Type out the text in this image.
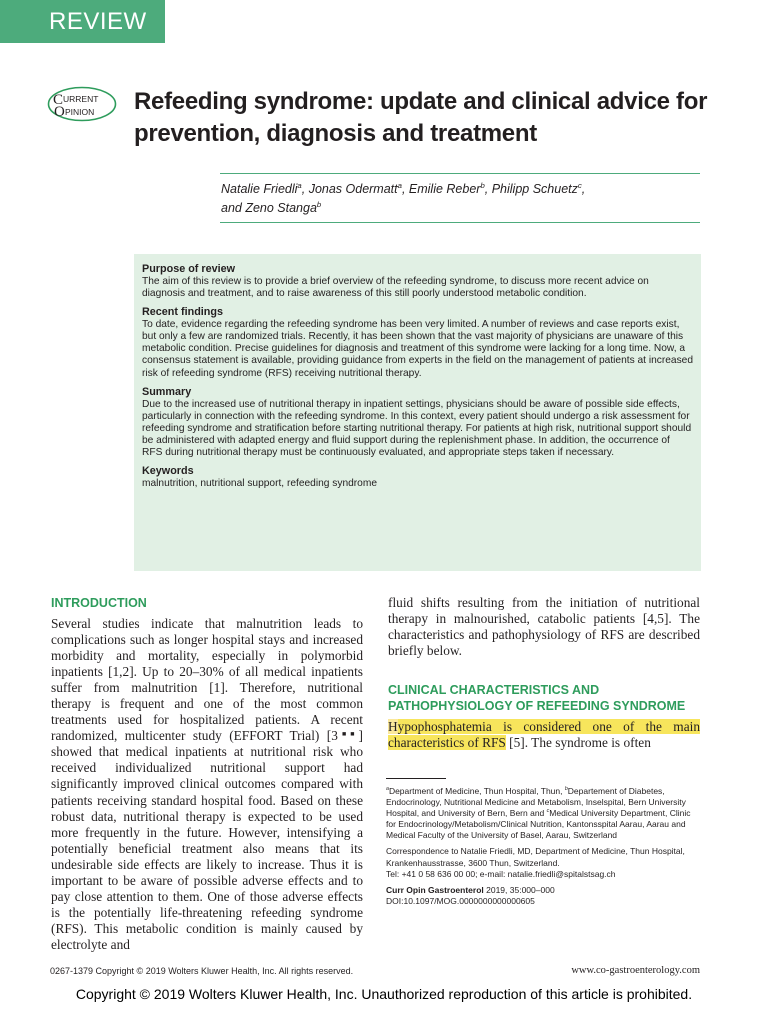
REVIEW
C URRENT
O PINION Refeeding syndrome: update and clinical advice for prevention, diagnosis and treatment
Natalie Friedli$^a$, Jonas Odermatt$^a$, Emilie Reber$^b$, Philipp Schuetz$^c$,
and Zeno Stanga$^b$

Purpose of review

The aim of this review is to provide a brief overview of the refeeding syndrome, to discuss more recent advice on diagnosis and treatment, and to raise awareness of this still poorly understood metabolic condition.

Recent findings

To date, evidence regarding the refeeding syndrome has been very limited. A number of reviews and case reports exist, but only a few are randomized trials. Recently, it has been shown that the vast majority of physicians are unaware of this metabolic condition. Precise guidelines for diagnosis and treatment of this syndrome were lacking for a long time. Now, a consensus statement is available, providing guidance from experts in the field on the management of patients at increased risk of refeeding syndrome (RFS) receiving nutritional therapy.

Summary

Due to the increased use of nutritional therapy in inpatient settings, physicians should be aware of possible side effects, particularly in connection with the refeeding syndrome. In this context, every patient should undergo a risk assessment for refeeding syndrome and stratification before starting nutritional therapy. For patients at high risk, nutritional support should be administered with adapted energy and fluid support during the replenishment phase. In addition, the occurrence of RFS during nutritional therapy must be continuously evaluated, and appropriate steps taken if necessary.

Keywords

malnutrition, nutritional support, refeeding syndrome

INTRODUCTION

Several studies indicate that malnutrition leads to complications such as longer hospital stays and increased morbidity and mortality, especially in polymorbid inpatients [1,2]. Up to 20–30% of all medical inpatients suffer from malnutrition [1]. Therefore, nutritional therapy is frequent and one of the most common treatments used for hospitalized patients. A recent randomized, multicenter study (EFFORT Trial) [3■■] showed that medical inpatients at nutritional risk who received individualized nutritional support had significantly improved clinical outcomes compared with patients receiving standard hospital food. Based on these robust data, nutritional therapy is expected to be used more frequently in the future. However, intensifying a potentially beneficial treatment also means that its undesirable side effects are likely to increase. Thus it is important to be aware of possible adverse effects and to pay close attention to them. One of those adverse effects is the potentially life-threatening refeeding syndrome (RFS). This metabolic condition is mainly caused by electrolyte and

fluid shifts resulting from the initiation of nutritional therapy in malnourished, catabolic patients [4,5]. The characteristics and pathophysiology of RFS are described briefly below.

CLINICAL CHARACTERISTICS AND PATHOPHYSIOLOGY OF REFEEDING SYNDROME

Hypophosphatemia is considered one of the main characteristics of RFS [5]. The syndrome is often

$^a$Department of Medicine, Thun Hospital, Thun, $^b$Departement of Diabetes, Endocrinology, Nutritional Medicine and Metabolism, Inselspital, Bern University Hospital, and University of Bern, Bern and $^c$Medical University Department, Clinic for Endocrinology/Metabolism/Clinical Nutrition, Kantonsspital Aarau, Aarau and Medical Faculty of the University of Basel, Aarau, Switzerland

Correspondence to Natalie Friedli, MD, Department of Medicine, Thun Hospital, Krankenhausstrasse, 3600 Thun, Switzerland.
Tel: +41 0 58 636 00 00; e-mail: natalie.friedli@spitalstsag.ch

Curr Opin Gastroenterol 2019, 35:000–000
DOI:10.1097/MOG.0000000000000605

0267-1379 Copyright © 2019 Wolters Kluwer Health, Inc. All rights reserved.	www.co-gastroenterology.com
Copyright © 2019 Wolters Kluwer Health, Inc. Unauthorized reproduction of this article is prohibited.
